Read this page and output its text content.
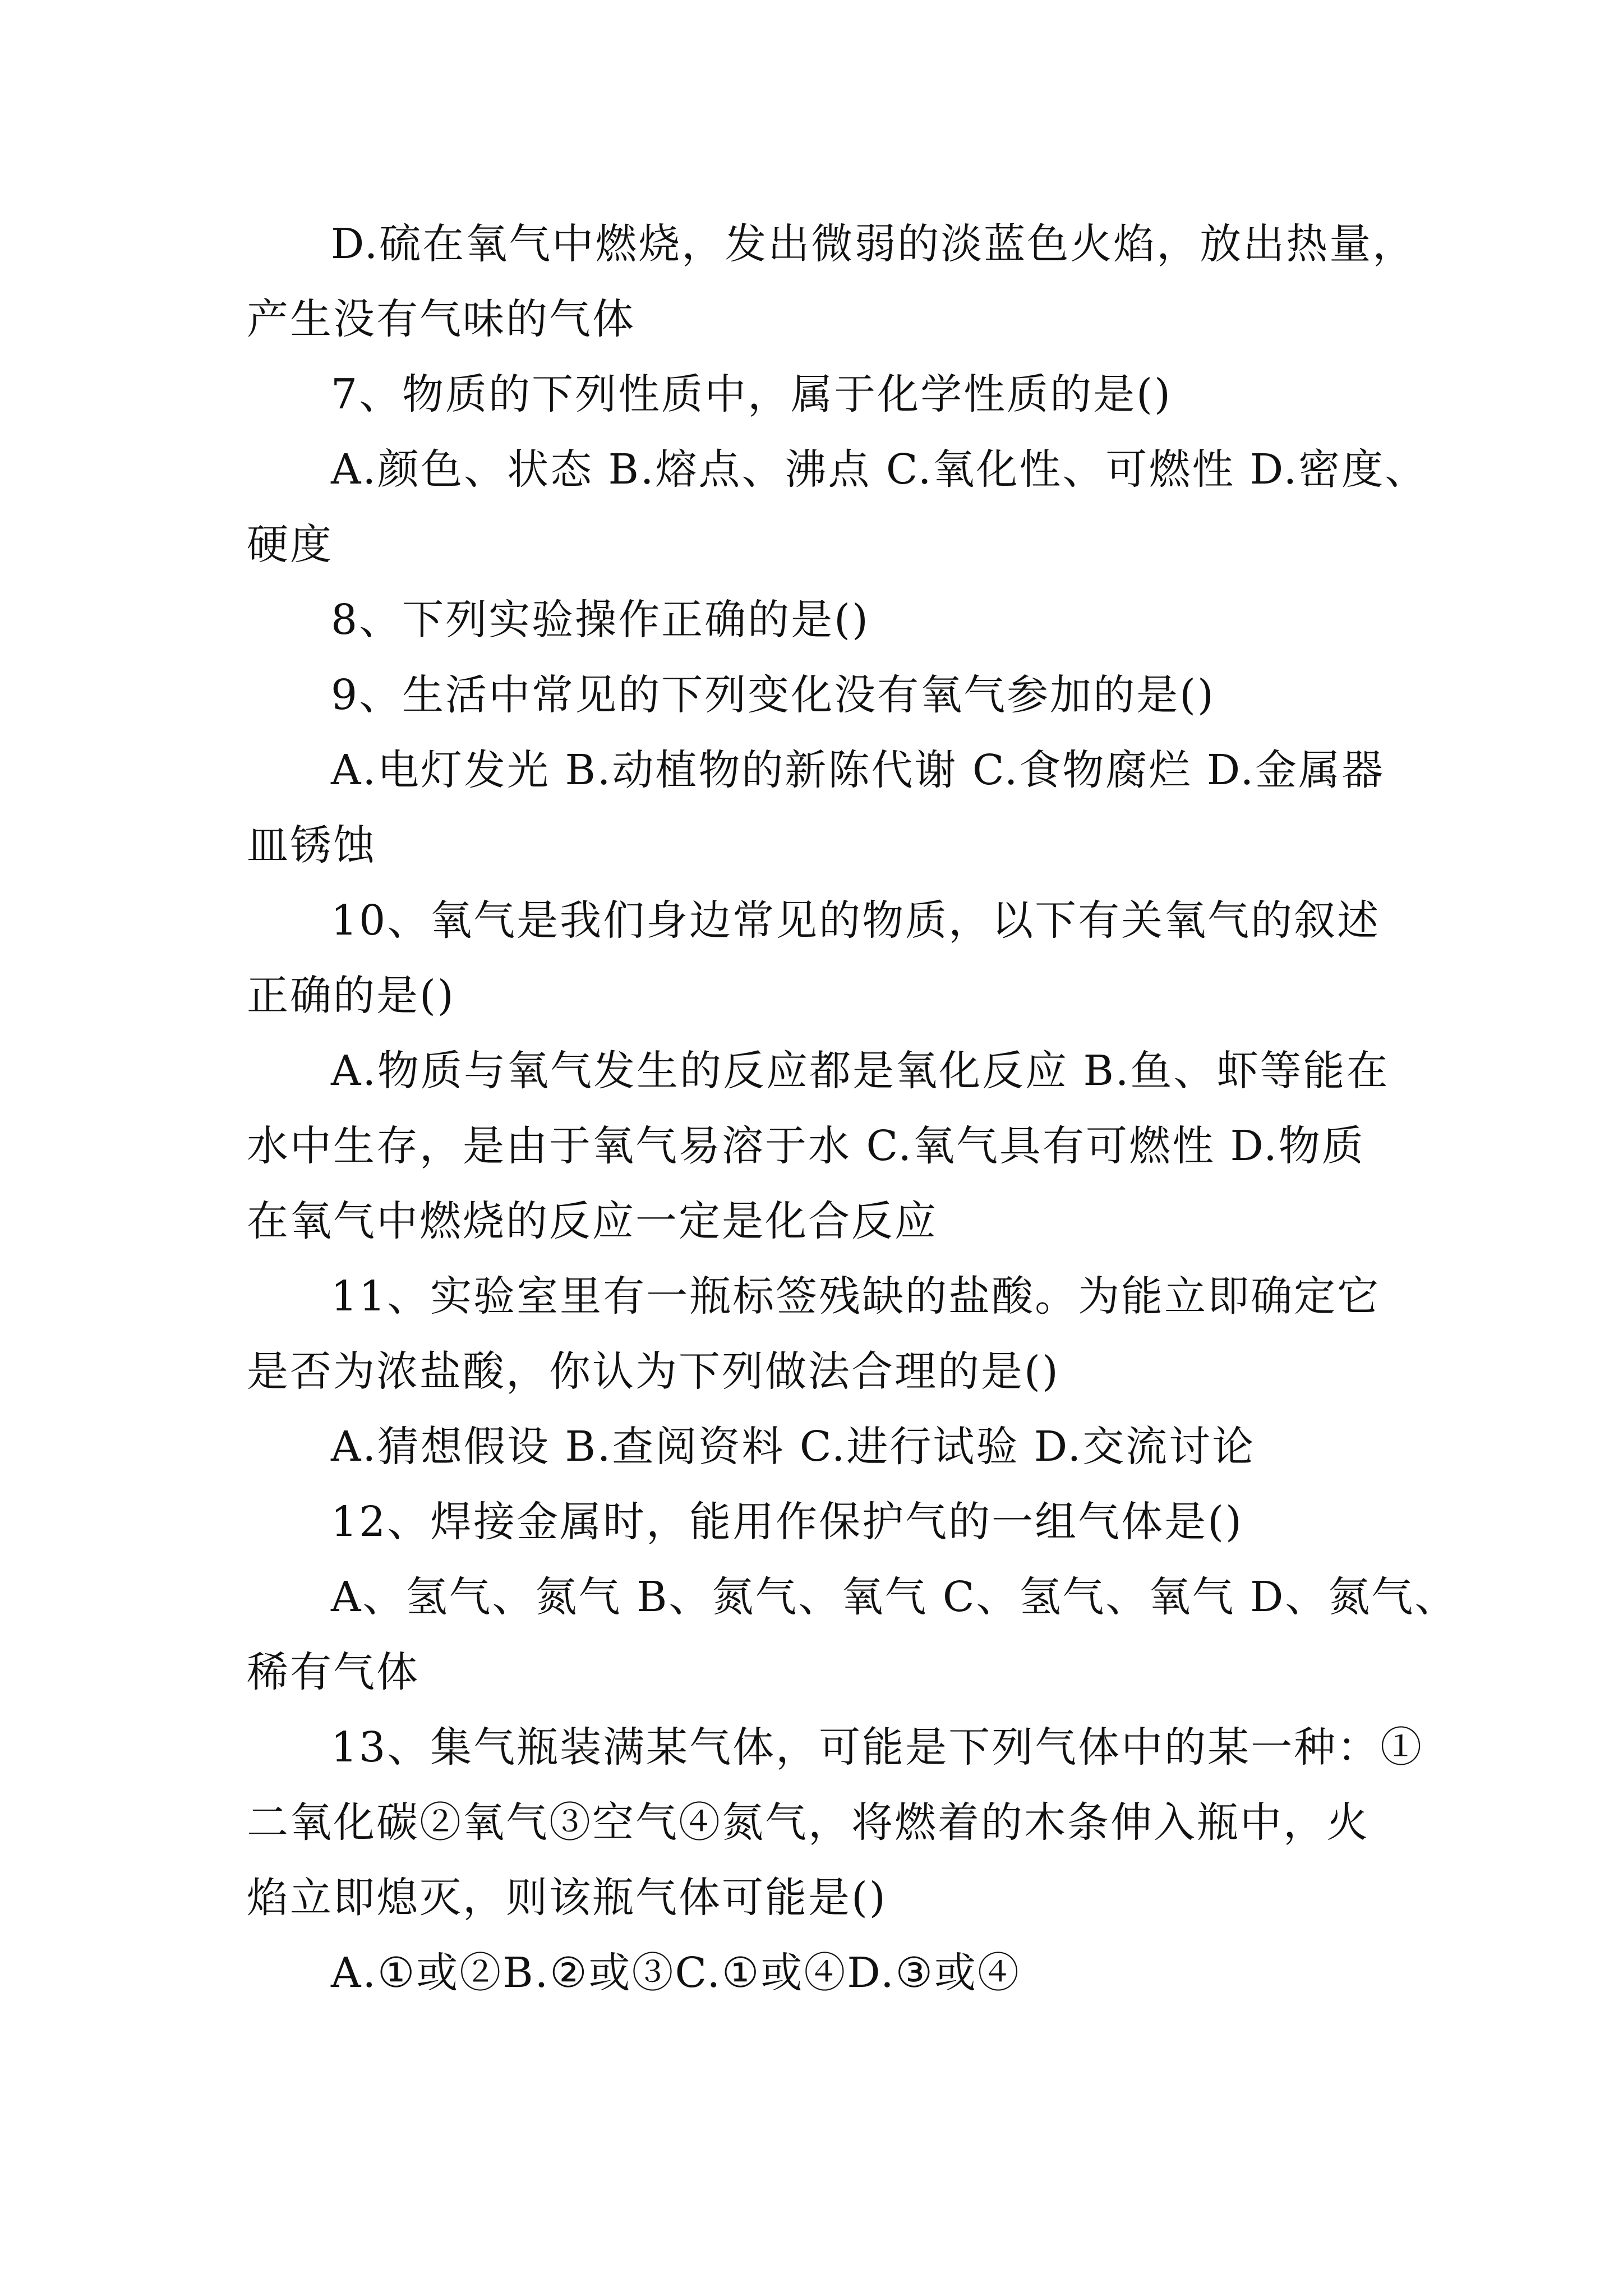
D.硫在氧气中燃烧，发出微弱的淡蓝色火焰，放出热量，
产生没有气味的气体
7、物质的下列性质中，属于化学性质的是()
A.颜色、状态 B.熔点、沸点 C.氧化性、可燃性 D.密度、
硬度
8、下列实验操作正确的是()
9、生活中常见的下列变化没有氧气参加的是()
A.电灯发光 B.动植物的新陈代谢 C.食物腐烂 D.金属器
皿锈蚀
10、氧气是我们身边常见的物质，以下有关氧气的叙述
正确的是()
A.物质与氧气发生的反应都是氧化反应 B.鱼、虾等能在
水中生存，是由于氧气易溶于水 C.氧气具有可燃性 D.物质
在氧气中燃烧的反应一定是化合反应
11、实验室里有一瓶标签残缺的盐酸。为能立即确定它
是否为浓盐酸，你认为下列做法合理的是()
A.猜想假设 B.查阅资料 C.进行试验 D.交流讨论
12、焊接金属时，能用作保护气的一组气体是()
A、氢气、氮气 B、氮气、氧气 C、氢气、氧气 D、氮气、
稀有气体
13、集气瓶装满某气体，可能是下列气体中的某一种：①
二氧化碳②氧气③空气④氮气，将燃着的木条伸入瓶中，火
焰立即熄灭，则该瓶气体可能是()
A.①或②B.②或③C.①或④D.③或④
